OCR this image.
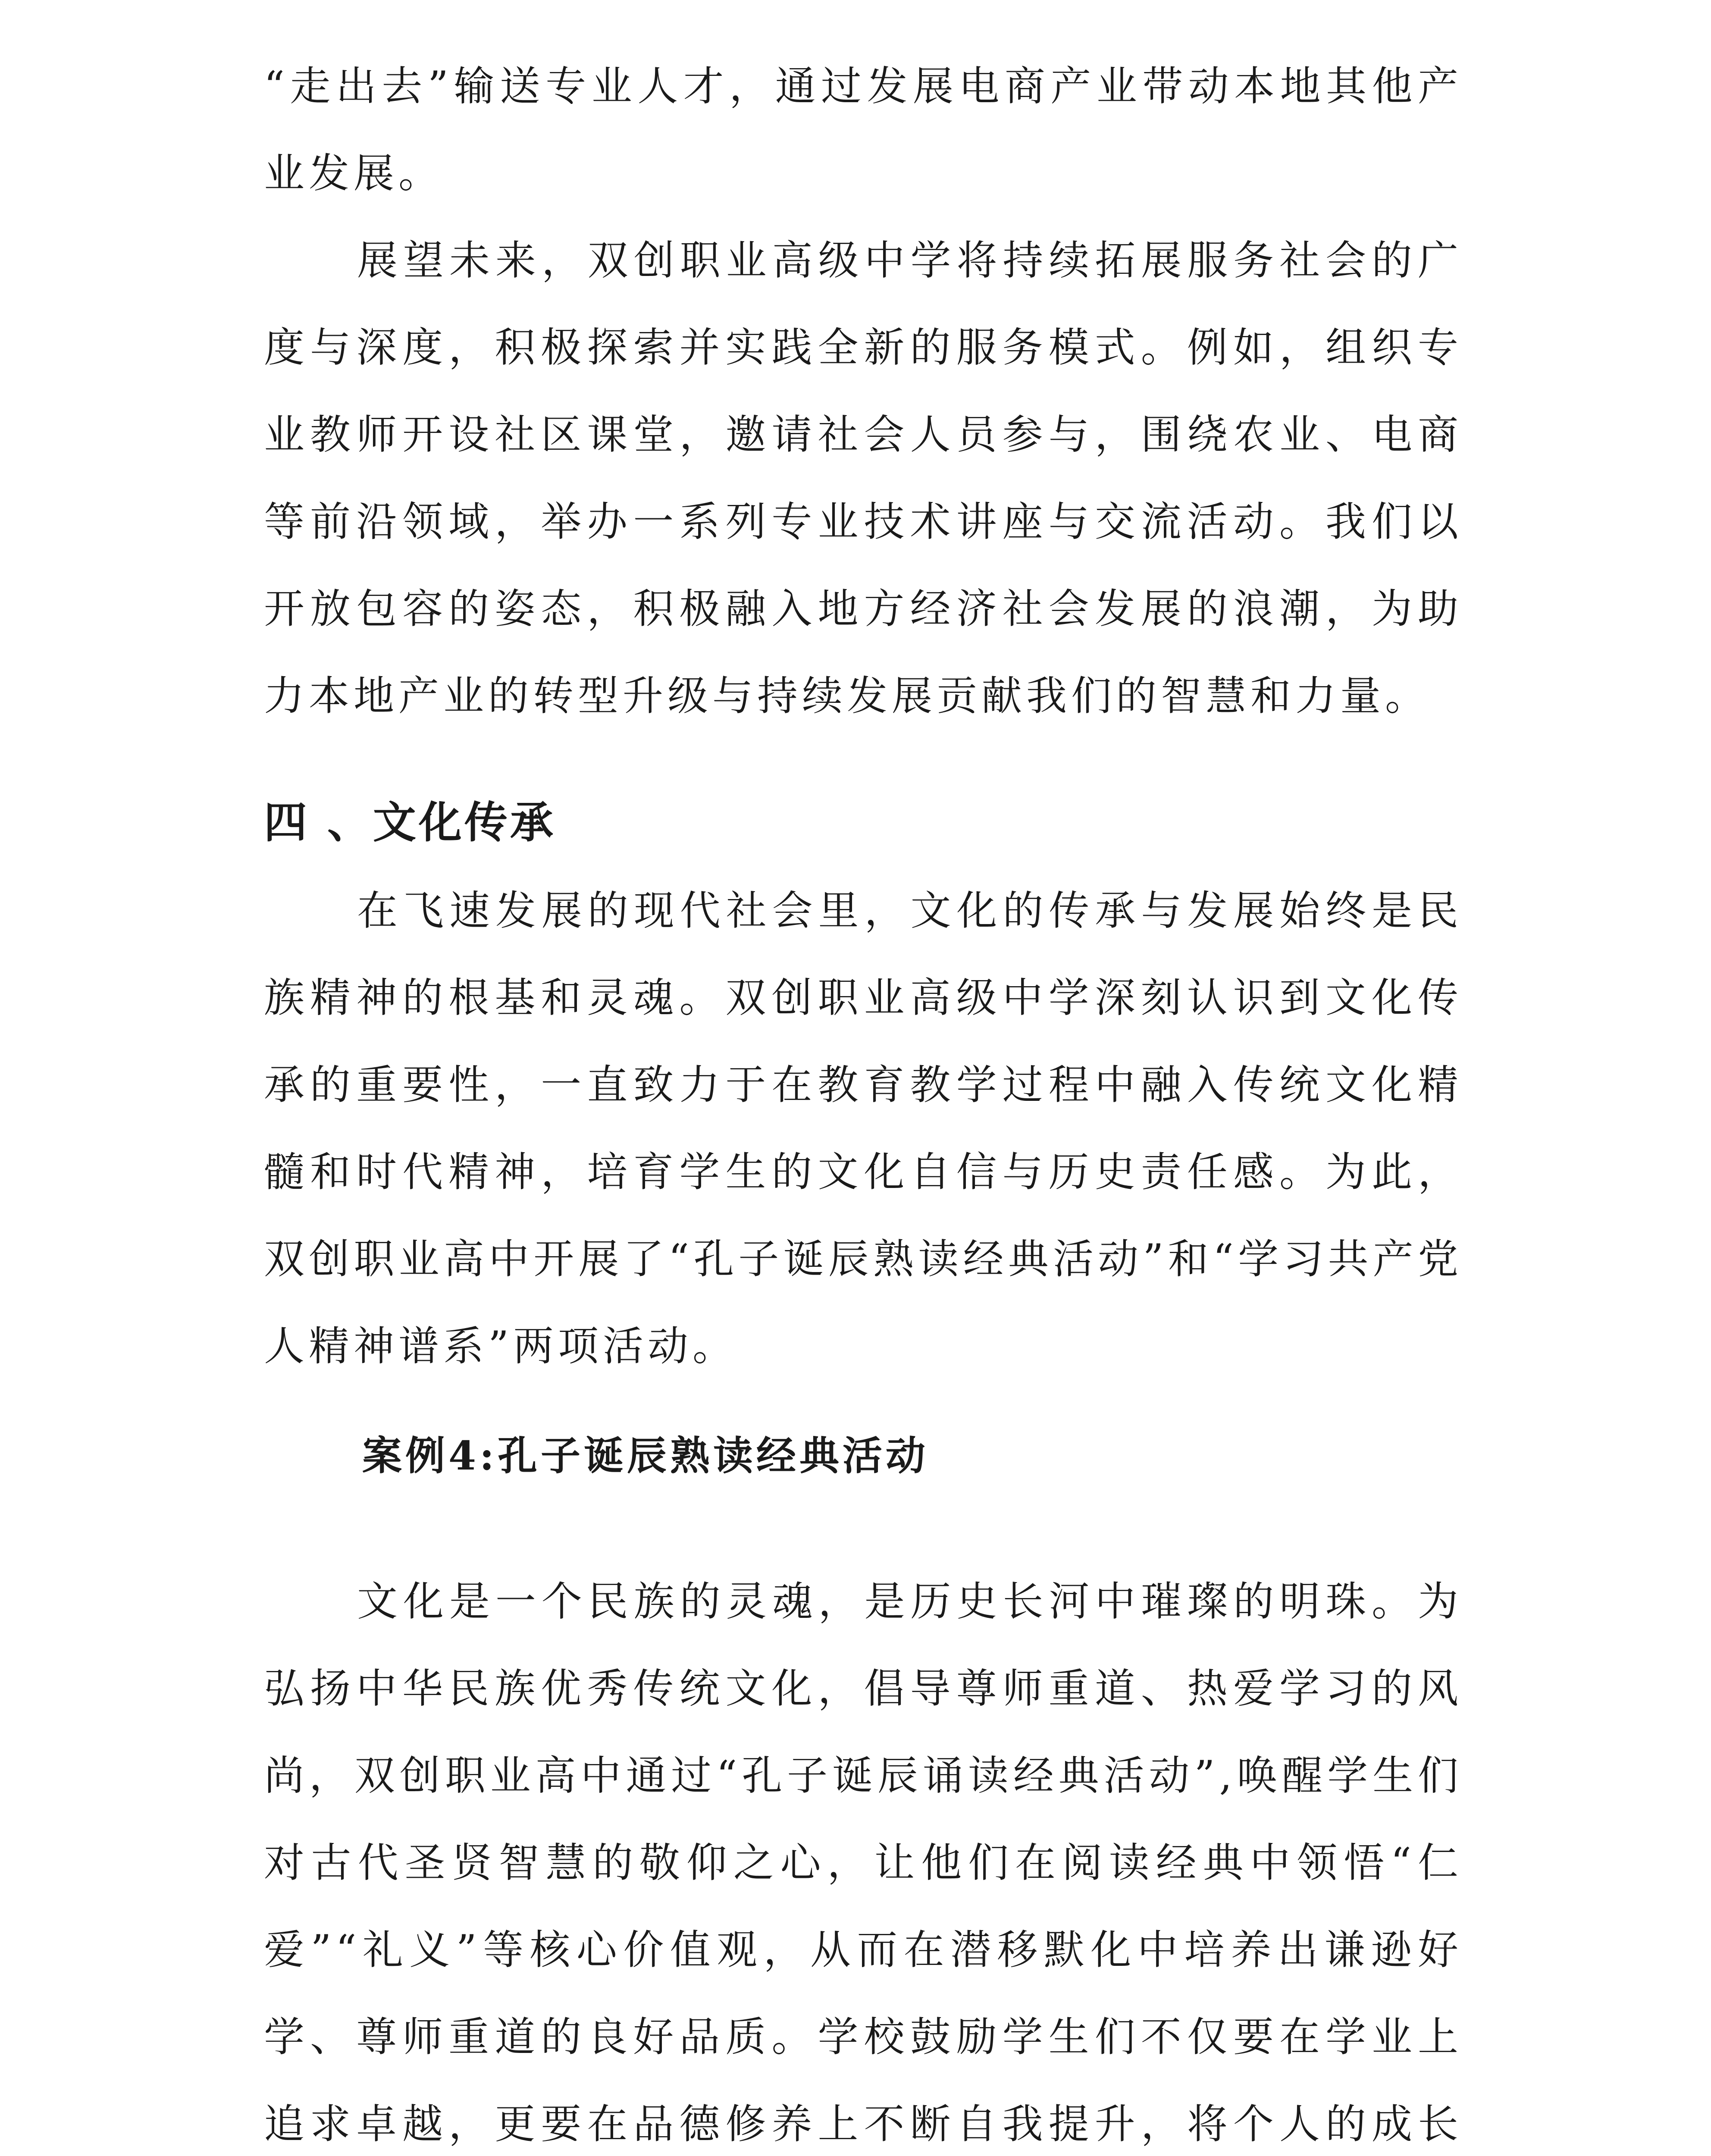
“走出去”输送专业人才，通过发展电商产业带动本地其他产业发展。

展望未来，双创职业高级中学将持续拓展服务社会的广度与深度，积极探索并实践全新的服务模式。例如，组织专业教师开设社区课堂，邀请社会人员参与，围绕农业、电商等前沿领域，举办一系列专业技术讲座与交流活动。我们以开放包容的姿态，积极融入地方经济社会发展的浪潮，为助力本地产业的转型升级与持续发展贡献我们的智慧和力量。

四 、文化传承

在飞速发展的现代社会里，文化的传承与发展始终是民族精神的根基和灵魂。双创职业高级中学深刻认识到文化传承的重要性，一直致力于在教育教学过程中融入传统文化精髓和时代精神，培育学生的文化自信与历史责任感。为此，双创职业高中开展了“孔子诞辰熟读经典活动”和“学习共产党人精神谱系”两项活动。

案例4:孔子诞辰熟读经典活动

文化是一个民族的灵魂，是历史长河中璀璨的明珠。为弘扬中华民族优秀传统文化，倡导尊师重道、热爱学习的风尚，双创职业高中通过“孔子诞辰诵读经典活动”,唤醒学生们对古代圣贤智慧的敬仰之心，让他们在阅读经典中领悟“仁爱”“礼义”等核心价值观，从而在潜移默化中培养出谦逊好学、尊师重道的良好品质。学校鼓励学生们不仅要在学业上追求卓越，更要在品德修养上不断自我提升，将个人的成长
